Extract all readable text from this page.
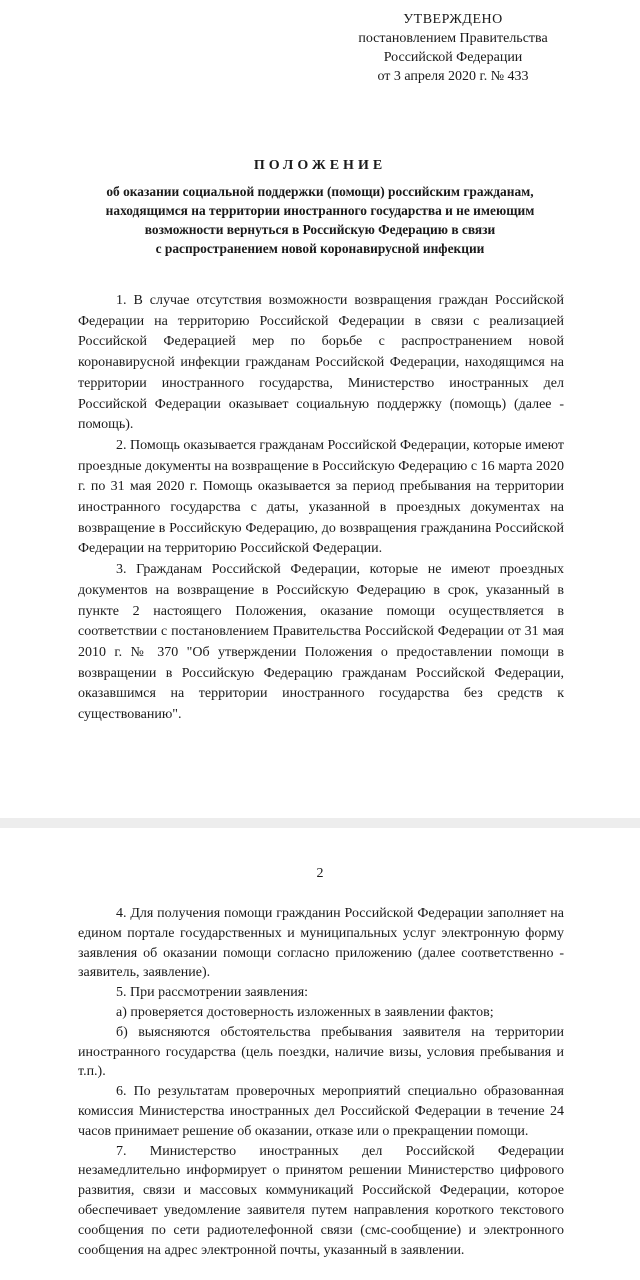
УТВЕРЖДЕНО
постановлением Правительства
Российской Федерации
от 3 апреля 2020 г. № 433
ПОЛОЖЕНИЕ
об оказании социальной поддержки (помощи) российским гражданам,
находящимся на территории иностранного государства и не имеющим
возможности вернуться в Российскую Федерацию в связи
с распространением новой коронавирусной инфекции

1. В случае отсутствия возможности возвращения граждан Российской Федерации на территорию Российской Федерации в связи с реализацией Российской Федерацией мер по борьбе с распространением новой коронавирусной инфекции гражданам Российской Федерации, находящимся на территории иностранного государства, Министерство иностранных дел Российской Федерации оказывает социальную поддержку (помощь) (далее - помощь).

2. Помощь оказывается гражданам Российской Федерации, которые имеют проездные документы на возвращение в Российскую Федерацию с 16 марта 2020 г. по 31 мая 2020 г. Помощь оказывается за период пребывания на территории иностранного государства с даты, указанной в проездных документах на возвращение в Российскую Федерацию, до возвращения гражданина Российской Федерации на территорию Российской Федерации.

3. Гражданам Российской Федерации, которые не имеют проездных документов на возвращение в Российскую Федерацию в срок, указанный в пункте 2 настоящего Положения, оказание помощи осуществляется в соответствии с постановлением Правительства Российской Федерации от 31 мая 2010 г. № 370 "Об утверждении Положения о предоставлении помощи в возвращении в Российскую Федерацию гражданам Российской Федерации, оказавшимся на территории иностранного государства без средств к существованию".

2

4. Для получения помощи гражданин Российской Федерации заполняет на едином портале государственных и муниципальных услуг электронную форму заявления об оказании помощи согласно приложению (далее соответственно - заявитель, заявление).

5. При рассмотрении заявления:

а) проверяется достоверность изложенных в заявлении фактов;

б) выясняются обстоятельства пребывания заявителя на территории иностранного государства (цель поездки, наличие визы, условия пребывания и т.п.).

6. По результатам проверочных мероприятий специально образованная комиссия Министерства иностранных дел Российской Федерации в течение 24 часов принимает решение об оказании, отказе или о прекращении помощи.

7. Министерство иностранных дел Российской Федерации незамедлительно информирует о принятом решении Министерство цифрового развития, связи и массовых коммуникаций Российской Федерации, которое обеспечивает уведомление заявителя путем направления короткого текстового сообщения по сети радиотелефонной связи (смс-сообщение) и электронного сообщения на адрес электронной почты, указанный в заявлении.
